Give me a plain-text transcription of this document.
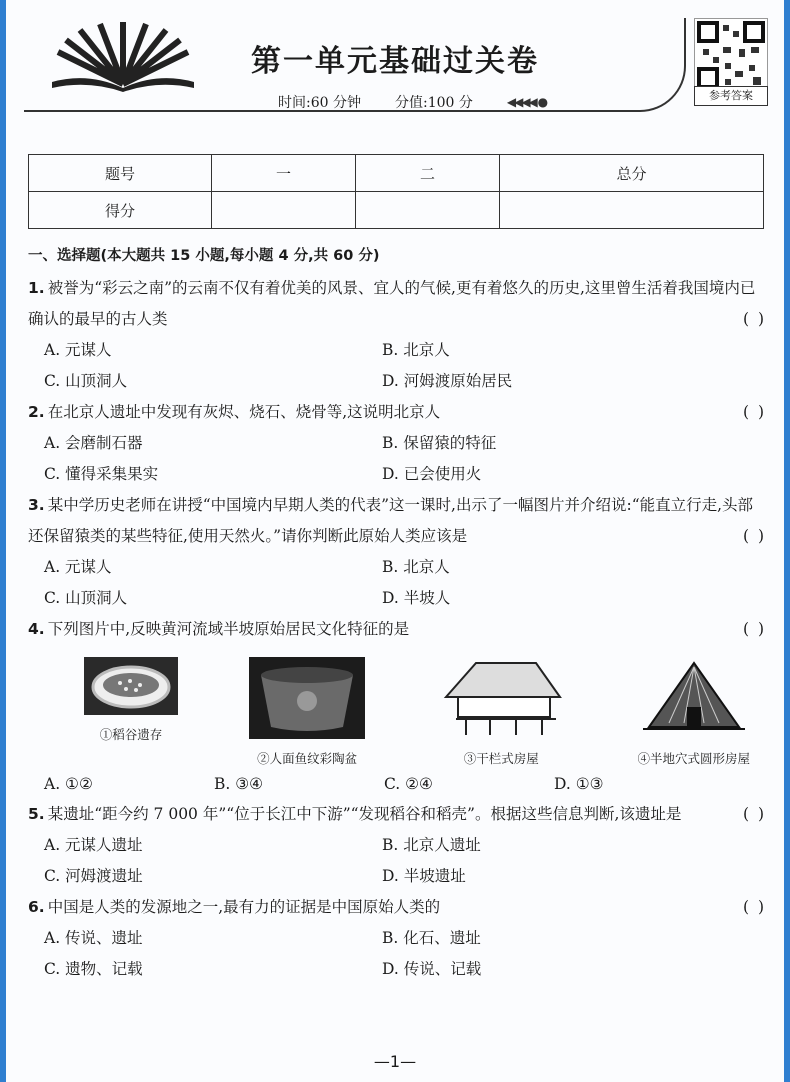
第一单元基础过关卷
时间:60 分钟 分值:100 分	◀◀◀◀ ●	参考答案
题号	一	二	总分
得分			
一、选择题(本大题共 15 小题,每小题 4 分,共 60 分)
1. 被誉为“彩云之南”的云南不仅有着优美的风景、宜人的气候,更有着悠久的历史,这里曾生活着我国境内已确认的最早的古人类	( )
A. 元谋人	B. 北京人
C. 山顶洞人	D. 河姆渡原始居民
2. 在北京人遗址中发现有灰烬、烧石、烧骨等,这说明北京人	( )
A. 会磨制石器	B. 保留猿的特征
C. 懂得采集果实	D. 已会使用火
3. 某中学历史老师在讲授“中国境内早期人类的代表”这一课时,出示了一幅图片并介绍说:“能直立行走,头部还保留猿类的某些特征,使用天然火。”请你判断此原始人类应该是	( )
A. 元谋人	B. 北京人
C. 山顶洞人	D. 半坡人
4. 下列图片中,反映黄河流域半坡原始居民文化特征的是	( )
①稻谷遗存
②人面鱼纹彩陶盆	③干栏式房屋	④半地穴式圆形房屋
A. ①②	B. ③④	C. ②④	D. ①③
5. 某遗址“距今约 7 000 年”“位于长江中下游”“发现稻谷和稻壳”。根据这些信息判断,该遗址是	( )
A. 元谋人遗址	B. 北京人遗址
C. 河姆渡遗址	D. 半坡遗址
6. 中国是人类的发源地之一,最有力的证据是中国原始人类的	( )
A. 传说、遗址	B. 化石、遗址
C. 遗物、记载	D. 传说、记载
—1—
